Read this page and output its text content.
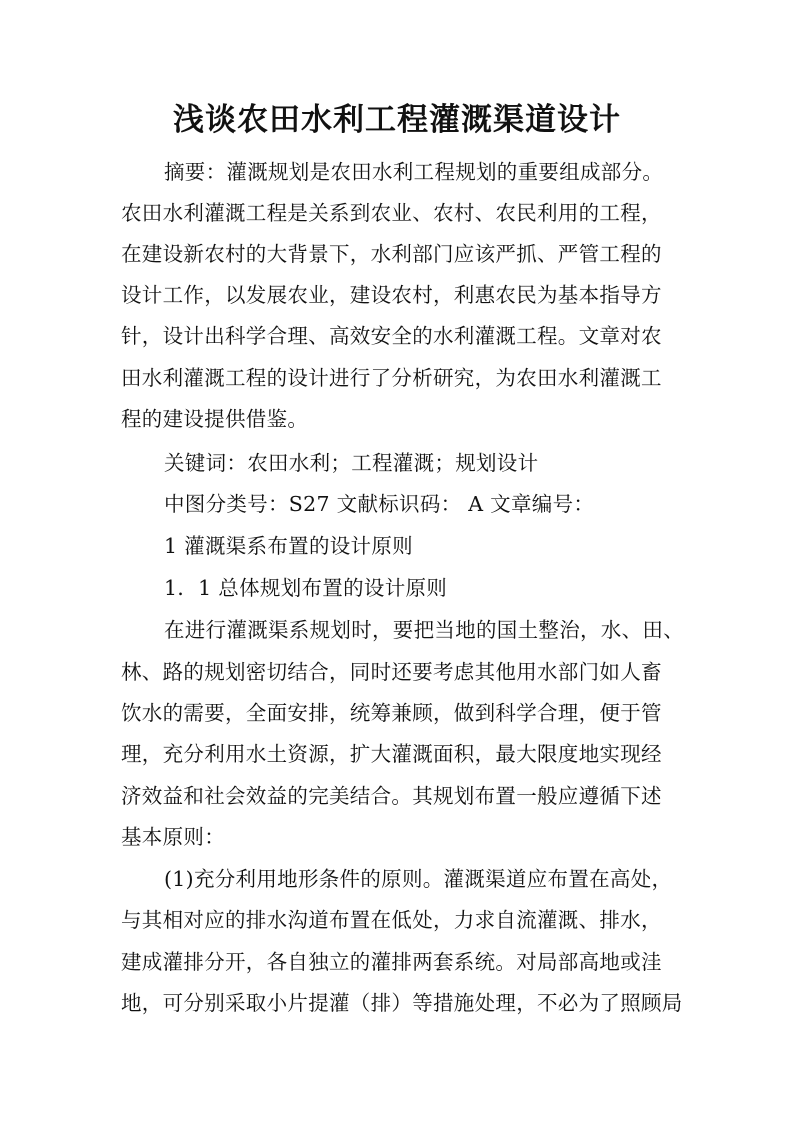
浅谈农田水利工程灌溉渠道设计
摘要：灌溉规划是农田水利工程规划的重要组成部分。
农田水利灌溉工程是关系到农业、农村、农民利用的工程，
在建设新农村的大背景下，水利部门应该严抓、严管工程的
设计工作，以发展农业，建设农村，利惠农民为基本指导方
针，设计出科学合理、高效安全的水利灌溉工程。文章对农
田水利灌溉工程的设计进行了分析研究，为农田水利灌溉工
程的建设提供借鉴。
关键词：农田水利；工程灌溉；规划设计
中图分类号：S27 文献标识码： A 文章编号：
1 灌溉渠系布置的设计原则
1．1 总体规划布置的设计原则
在进行灌溉渠系规划时，要把当地的国土整治，水、田、
林、路的规划密切结合，同时还要考虑其他用水部门如人畜
饮水的需要，全面安排，统筹兼顾，做到科学合理，便于管
理，充分利用水土资源，扩大灌溉面积，最大限度地实现经
济效益和社会效益的完美结合。其规划布置一般应遵循下述
基本原则：
(1)充分利用地形条件的原则。灌溉渠道应布置在高处，
与其相对应的排水沟道布置在低处，力求自流灌溉、排水，
建成灌排分开，各自独立的灌排两套系统。对局部高地或洼
地，可分别采取小片提灌（排）等措施处理，不必为了照顾局
